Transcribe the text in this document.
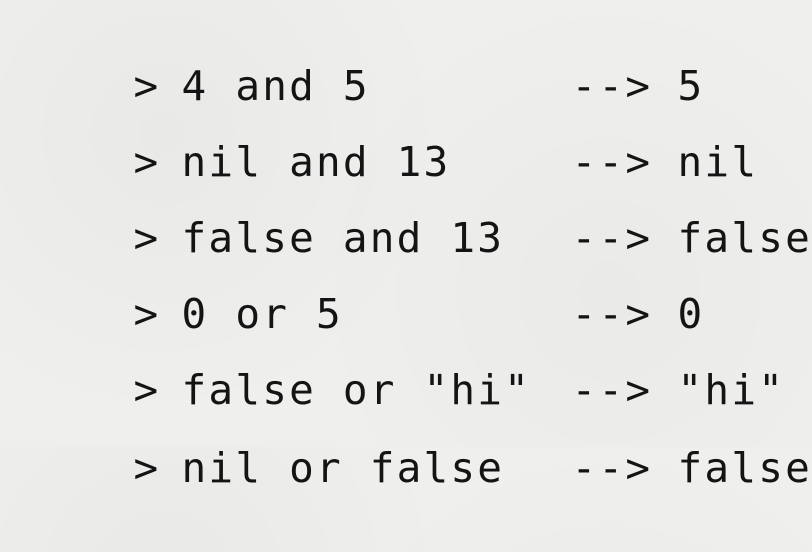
> 4 and 5	--> 5

> nil and 13	--> nil

> false and 13 --> false

> 0 or 5	--> 0

> false or "hi" --> "hi"

> nil or false --> false
